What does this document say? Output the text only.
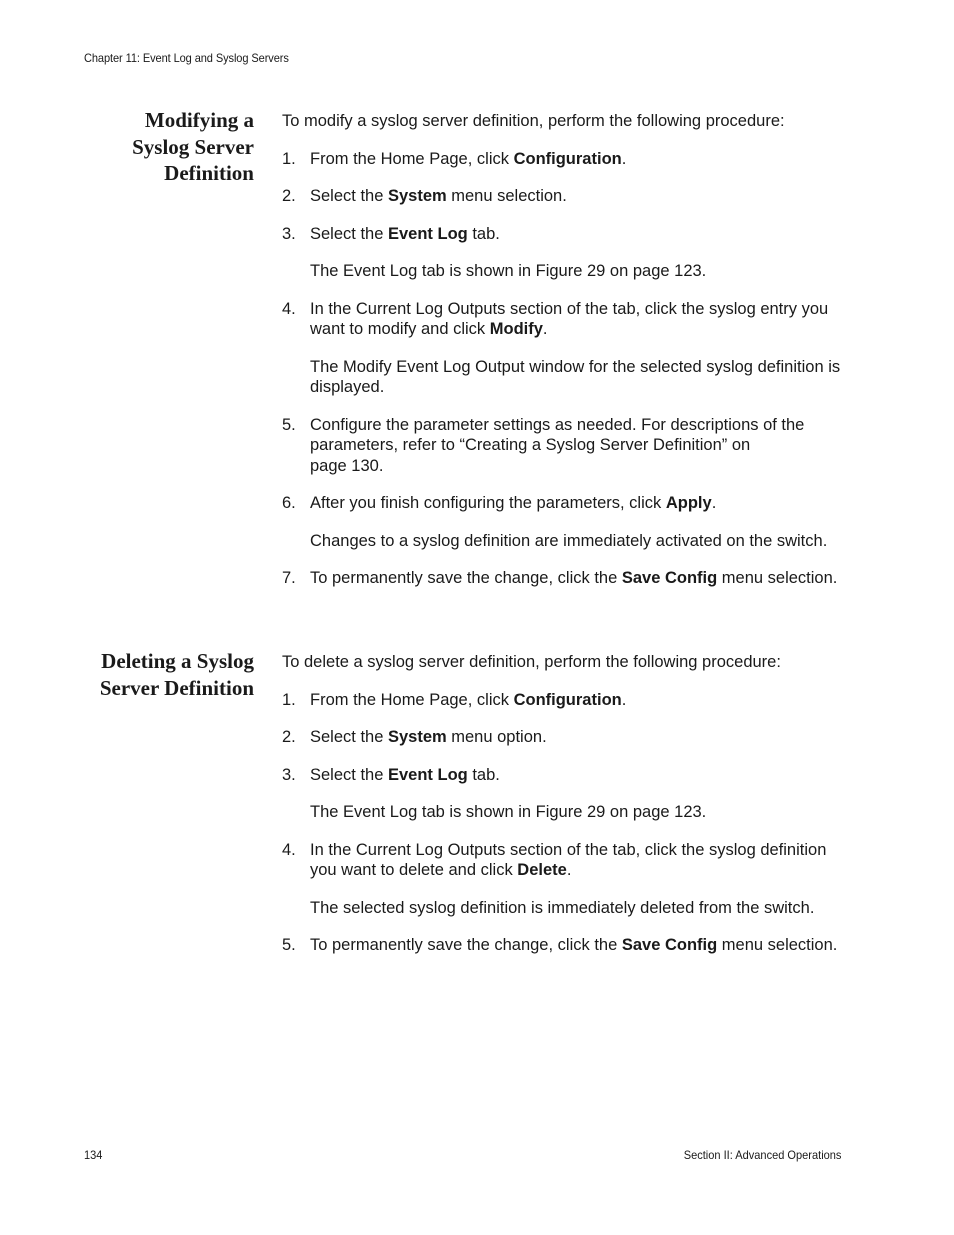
Chapter 11: Event Log and Syslog Servers
Modifying a
Syslog Server
Definition

To modify a syslog server definition, perform the following procedure:

1. From the Home Page, click Configuration.
2. Select the System menu selection.
3. Select the Event Log tab.
The Event Log tab is shown in Figure 29 on page 123.
4. In the Current Log Outputs section of the tab, click the syslog entry you want to modify and click Modify.
The Modify Event Log Output window for the selected syslog definition is displayed.
5. Configure the parameter settings as needed. For descriptions of the parameters, refer to “Creating a Syslog Server Definition” on
page 130.
6. After you finish configuring the parameters, click Apply.
Changes to a syslog definition are immediately activated on the switch.
7. To permanently save the change, click the Save Config menu selection.
Deleting a Syslog
Server Definition

To delete a syslog server definition, perform the following procedure:

1. From the Home Page, click Configuration.
2. Select the System menu option.
3. Select the Event Log tab.
The Event Log tab is shown in Figure 29 on page 123.
4. In the Current Log Outputs section of the tab, click the syslog definition you want to delete and click Delete.
The selected syslog definition is immediately deleted from the switch.
5. To permanently save the change, click the Save Config menu selection.
134	Section II: Advanced Operations
